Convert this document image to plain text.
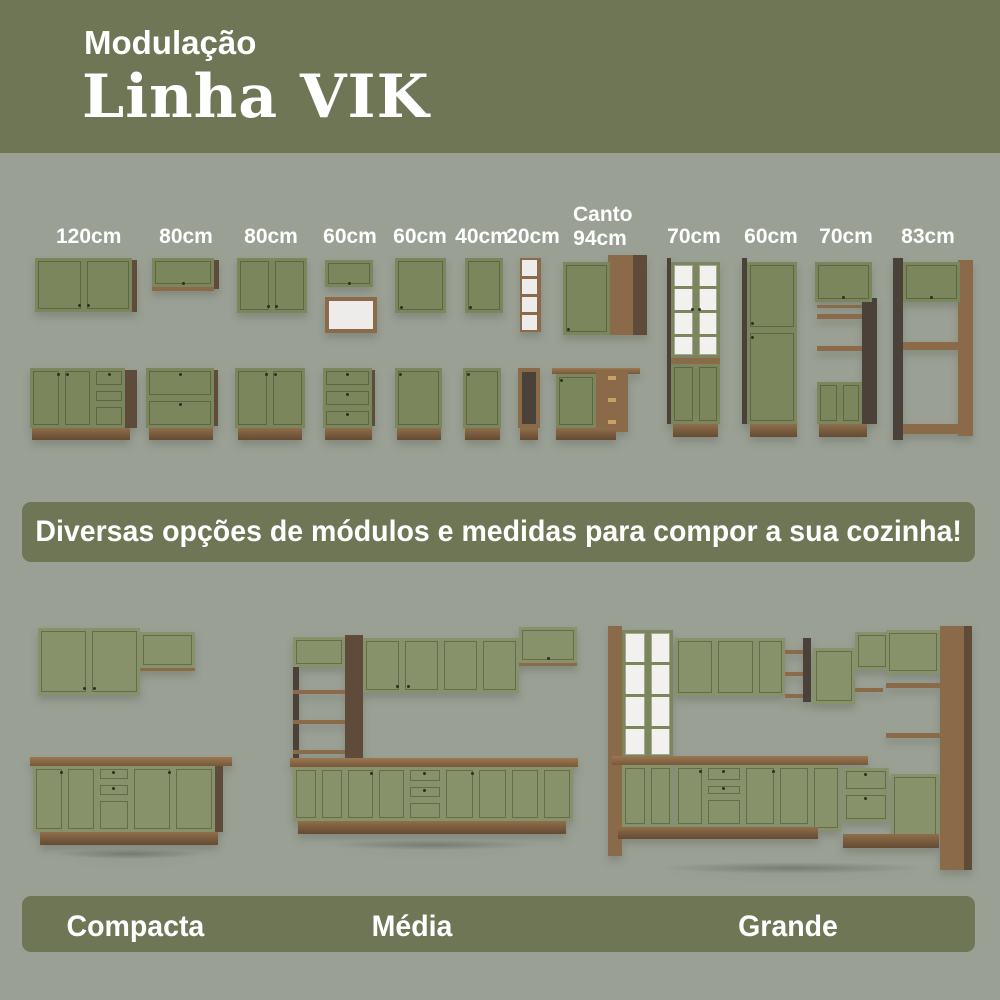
Modulação
Linha VIK
120cm 80cm 80cm 60cm 60cm 40cm
20cm
Canto 94cm 70cm 60cm 70cm 83cm
Diversas opções de módulos e medidas para compor a sua cozinha!
Compacta	Média	Grande
